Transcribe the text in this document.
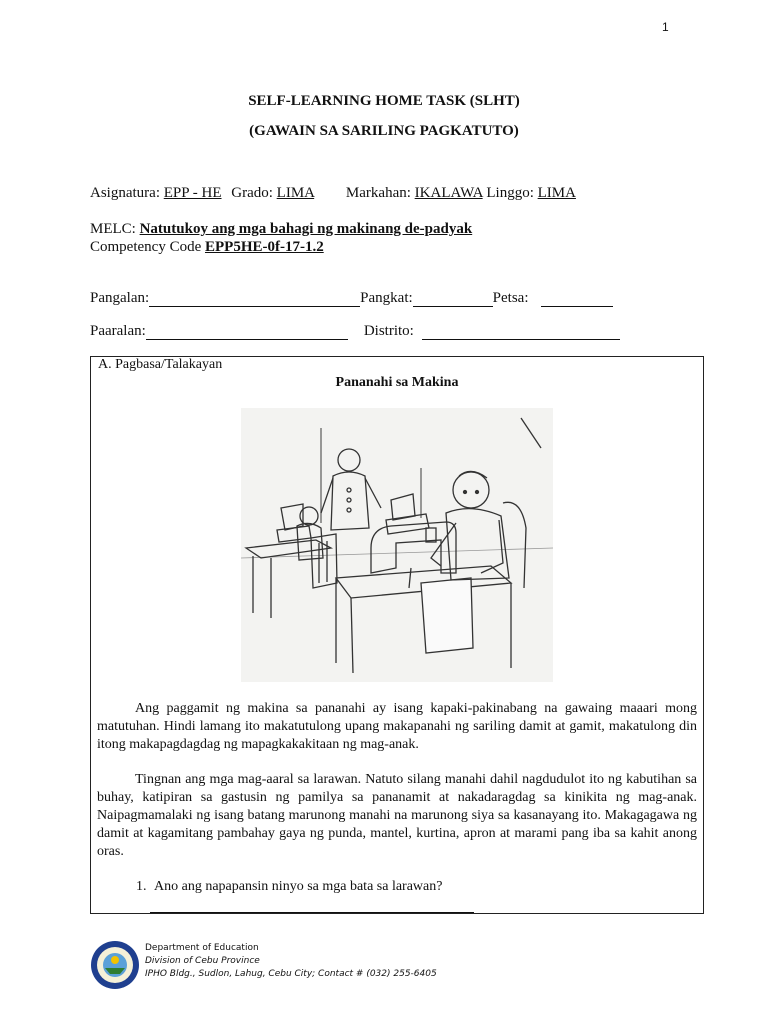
1
SELF-LEARNING HOME TASK (SLHT)
(GAWAIN SA SARILING PAGKATUTO)
Asignatura: EPP - HE Grado: LIMA Markahan: IKALAWA Linggo: LIMA
MELC: Natutukoy ang mga bahagi ng makinang de-padyak
Competency Code EPP5HE-0f-17-1.2
Pangalan:	Pangkat:	Petsa:
Paaralan:	Distrito:
A. Pagbasa/Talakayan
Pananahi sa Makina

Ang paggamit ng makina sa pananahi ay isang kapaki-pakinabang na gawaing maaari mong matutuhan. Hindi lamang ito makatutulong upang makapanahi ng sariling damit at gamit, makatulong din itong makapagdagdag ng mapagkakakitaan ng mag-anak.

Tingnan ang mga mag-aaral sa larawan. Natuto silang manahi dahil nagdudulot ito ng kabutihan sa buhay, katipiran sa gastusin ng pamilya sa pananamit at nakadaragdag sa kinikita ng mag-anak. Naipagmamalaki ng isang batang marunong manahi na marunong siya sa kasanayang ito. Makagagawa ng damit at kagamitang pambahay gaya ng punda, mantel, kurtina, apron at marami pang iba sa kahit anong oras.

1. Ano ang napapansin ninyo sa mga bata sa larawan?
Department of Education
Division of Cebu Province
IPHO Bldg., Sudlon, Lahug, Cebu City; Contact # (032) 255-6405
